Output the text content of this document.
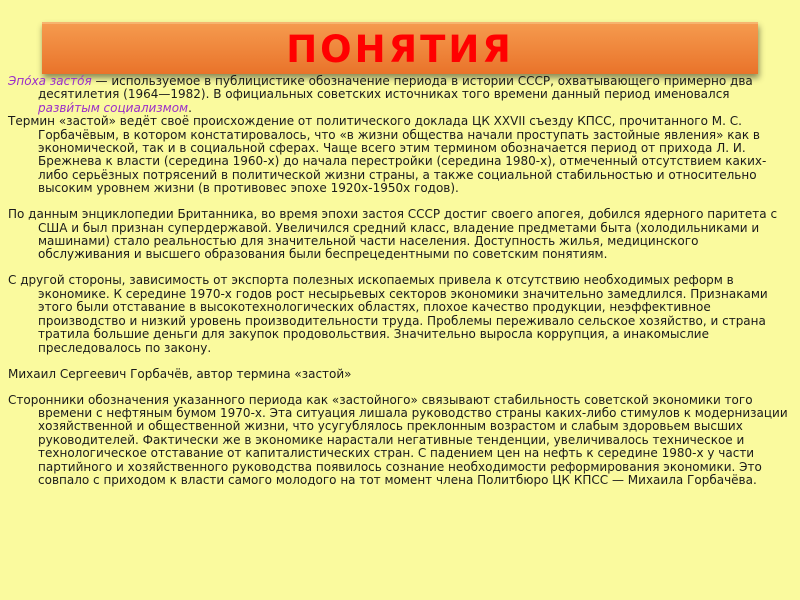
ПОНЯТИЯ

Эпо́ха засто́я — используемое в публицистике обозначение периода в истории СССР, охватывающего примерно два десятилетия (1964—1982). В официальных советских источниках того времени данный период именовался разви́тым социализмом.

Термин «застой» ведёт своё происхождение от политического доклада ЦК XXVII съезду КПСС, прочитанного М. С. Горбачёвым, в котором констатировалось, что «в жизни общества начали проступать застойные явления» как в экономической, так и в социальной сферах. Чаще всего этим термином обозначается период от прихода Л. И. Брежнева к власти (середина 1960-х) до начала перестройки (середина 1980-х), отмеченный отсутствием каких-либо серьёзных потрясений в политической жизни страны, а также социальной стабильностью и относительно высоким уровнем жизни (в противовес эпохе 1920х-1950х годов).

По данным энциклопедии Британника, во время эпохи застоя СССР достиг своего апогея, добился ядерного паритета с США и был признан супердержавой. Увеличился средний класс, владение предметами быта (холодильниками и машинами) стало реальностью для значительной части населения. Доступность жилья, медицинского обслуживания и высшего образования были беспрецедентными по советским понятиям.

С другой стороны, зависимость от экспорта полезных ископаемых привела к отсутствию необходимых реформ в экономике. К середине 1970-х годов рост несырьевых секторов экономики значительно замедлился. Признаками этого были отставание в высокотехнологических областях, плохое качество продукции, неэффективное производство и низкий уровень производительности труда. Проблемы переживало сельское хозяйство, и страна тратила большие деньги для закупок продовольствия. Значительно выросла коррупция, а инакомыслие преследовалось по закону.

Михаил Сергеевич Горбачёв, автор термина «застой»

Сторонники обозначения указанного периода как «застойного» связывают стабильность советской экономики того времени с нефтяным бумом 1970-х. Эта ситуация лишала руководство страны каких-либо стимулов к модернизации хозяйственной и общественной жизни, что усугублялось преклонным возрастом и слабым здоровьем высших руководителей. Фактически же в экономике нарастали негативные тенденции, увеличивалось техническое и технологическое отставание от капиталистических стран. С падением цен на нефть к середине 1980-х у части партийного и хозяйственного руководства появилось сознание необходимости реформирования экономики. Это совпало с приходом к власти самого молодого на тот момент члена Политбюро ЦК КПСС — Михаила Горбачёва.
